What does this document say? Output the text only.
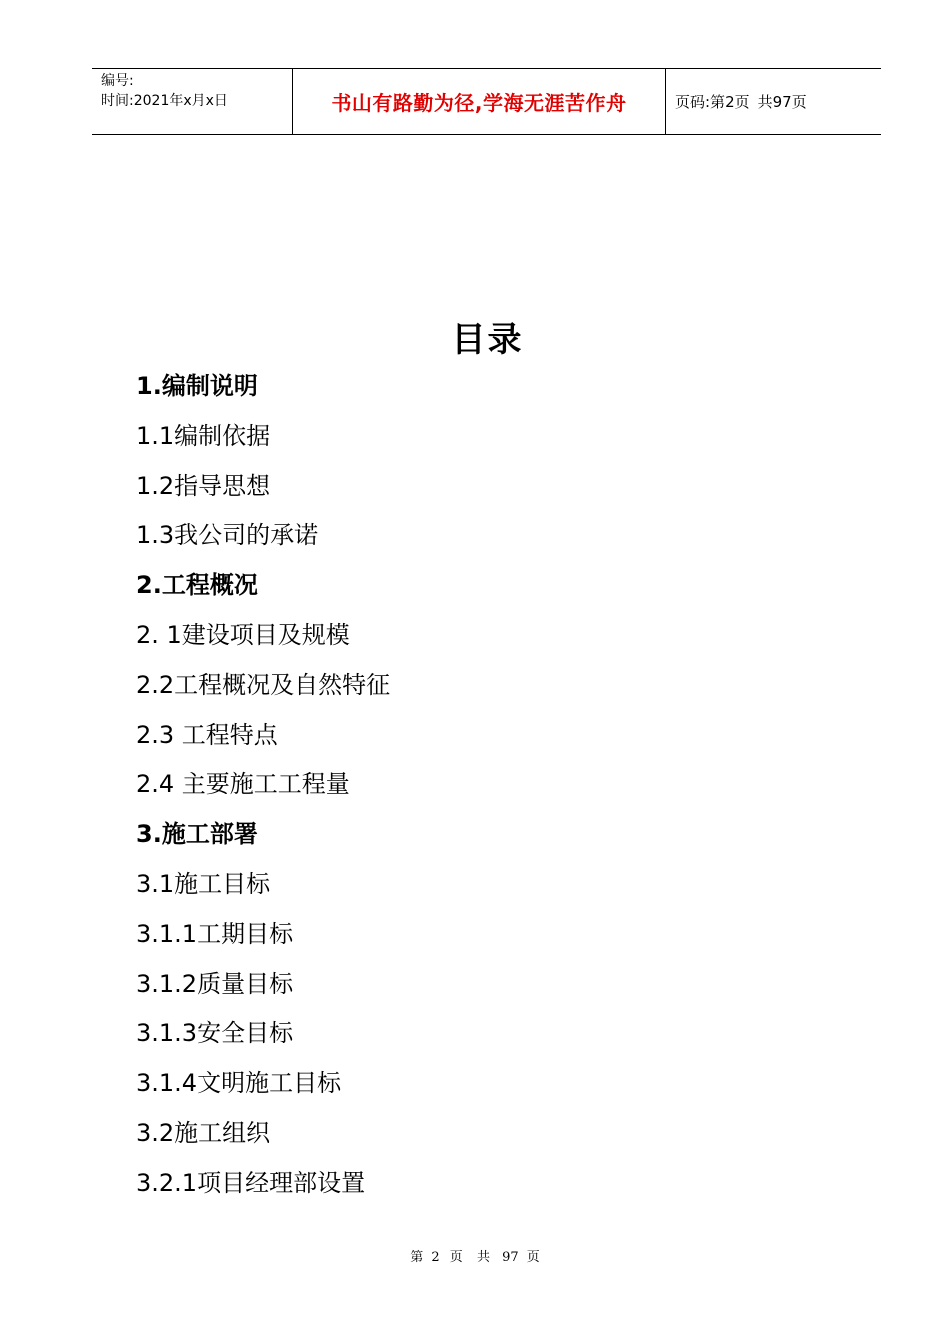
编号:
时间:2021年x月x日	书山有路勤为径,学海无涯苦作舟	页码:第 2 页 共 97 页
目录
1.编制说明
1.1编制依据
1.2指导思想
1.3我公司的承诺
2.工程概况
2. 1建设项目及规模
2.2工程概况及自然特征
2.3 工程特点
2.4 主要施工工程量
3.施工部署
3.1施工目标
3.1.1工期目标
3.1.2质量目标
3.1.3安全目标
3.1.4文明施工目标
3.2施工组织
3.2.1项目经理部设置
第 2 页 共 97 页
